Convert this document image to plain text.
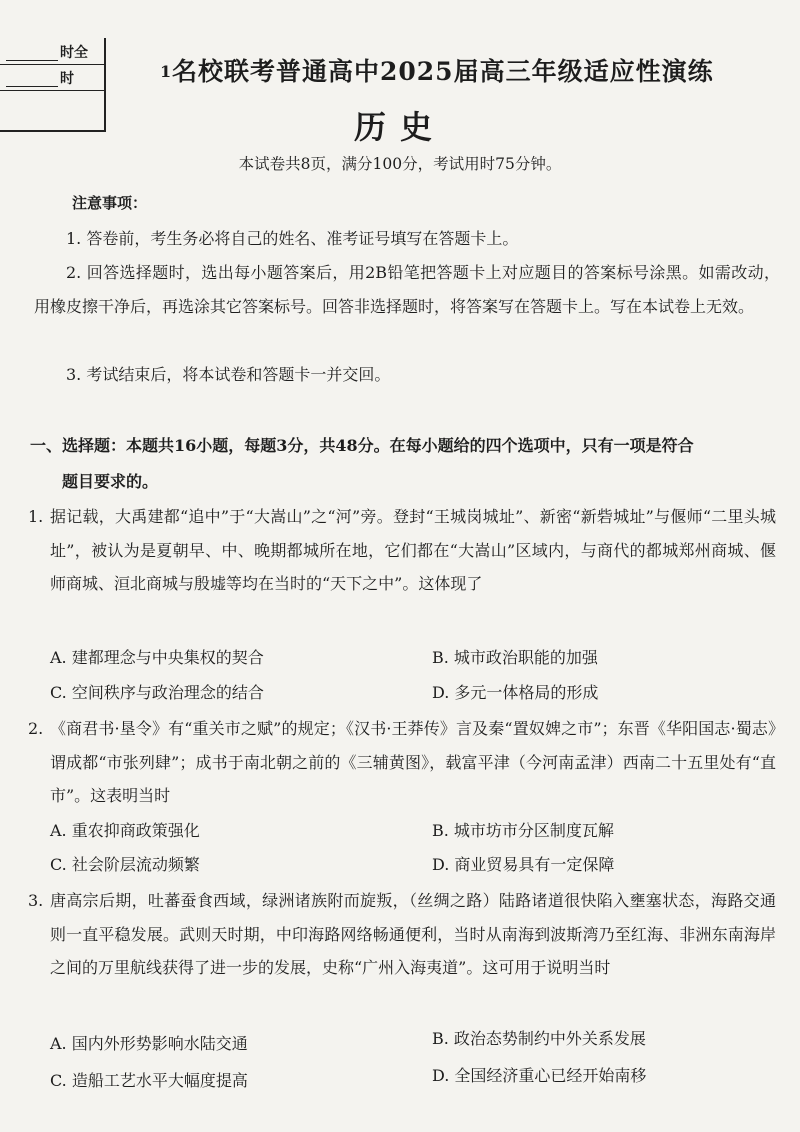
时全
时	1 名校联考普通高中2025届高三年级适应性演练
历史
本试卷共8页，满分100分，考试用时75分钟。
注意事项：
1. 答卷前，考生务必将自己的姓名、准考证号填写在答题卡上。
2. 回答选择题时，选出每小题答案后，用2B铅笔把答题卡上对应题目的答案标号涂黑。如需改动，用橡皮擦干净后，再选涂其它答案标号。回答非选择题时，将答案写在答题卡上。写在本试卷上无效。
3. 考试结束后，将本试卷和答题卡一并交回。
一、选择题：本题共16小题，每题3分，共48分。在每小题给的四个选项中，只有一项是符合
题目要求的。
1. 据记载，大禹建都“追中”于“大嵩山”之“河”旁。登封“王城岗城址”、新密“新砦城址”与偃师“二里头城址”，被认为是夏朝早、中、晚期都城所在地，它们都在“大嵩山”区域内，与商代的都城郑州商城、偃师商城、洹北商城与殷墟等均在当时的“天下之中”。这体现了
A. 建都理念与中央集权的契合	B. 城市政治职能的加强
C. 空间秩序与政治理念的结合	D. 多元一体格局的形成
2. 《商君书·垦令》有“重关市之赋”的规定；《汉书·王莽传》言及秦“置奴婢之市”；东晋《华阳国志·蜀志》谓成都“市张列肆”；成书于南北朝之前的《三辅黄图》，载富平津（今河南孟津）西南二十五里处有“直市”。这表明当时
A. 重农抑商政策强化	B. 城市坊市分区制度瓦解
C. 社会阶层流动频繁	D. 商业贸易具有一定保障
3. 唐高宗后期，吐蕃蚕食西域，绿洲诸族附而旋叛，（丝绸之路）陆路诸道很快陷入壅塞状态，海路交通则一直平稳发展。武则天时期，中印海路网络畅通便利，当时从南海到波斯湾乃至红海、非洲东南海岸之间的万里航线获得了进一步的发展，史称“广州入海夷道”。这可用于说明当时
A. 国内外形势影响水陆交通	B. 政治态势制约中外关系发展
C. 造船工艺水平大幅度提高	D. 全国经济重心已经开始南移
